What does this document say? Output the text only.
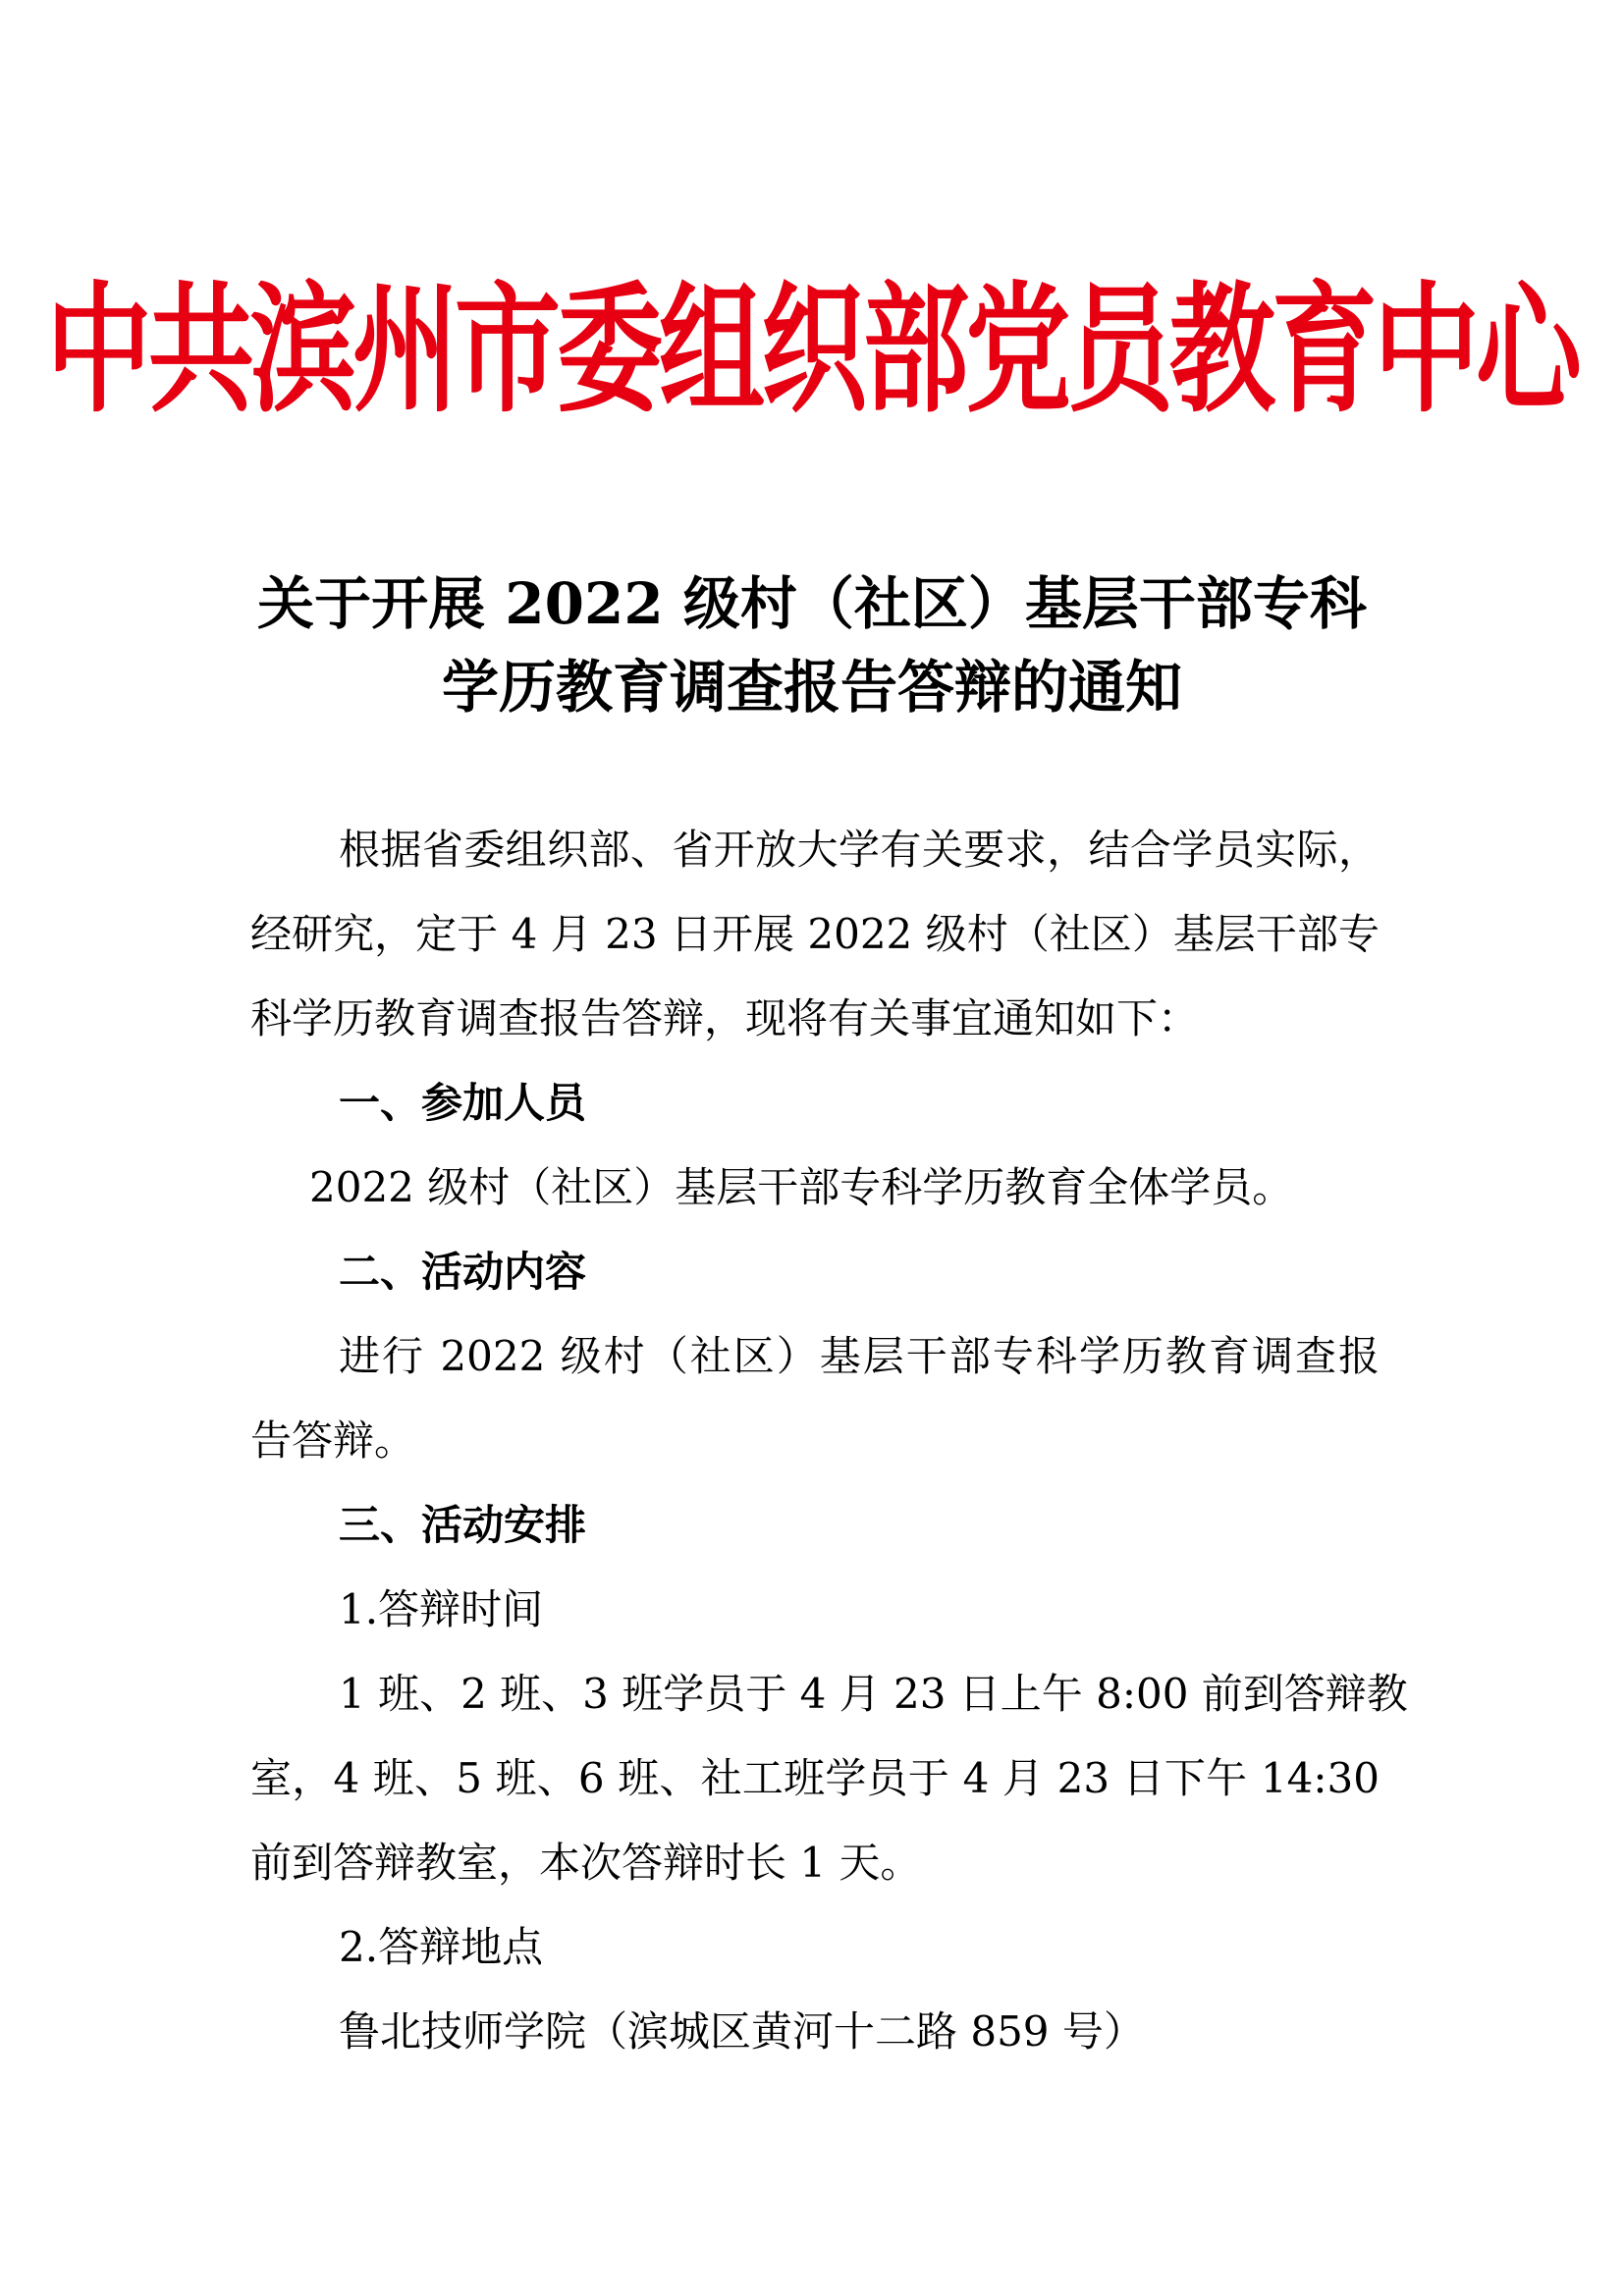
中共滨州市委组织部党员教育中心
关于开展 2022 级村（社区）基层干部专科
学历教育调查报告答辩的通知
根据省委组织部、省开放大学有关要求，结合学员实际，
经研究，定于 4 月 23 日开展 2022 级村（社区）基层干部专
科学历教育调查报告答辩，现将有关事宜通知如下：
一、参加人员
2022 级村（社区）基层干部专科学历教育全体学员。
二、活动内容
进行 2022 级村（社区）基层干部专科学历教育调查报
告答辩。
三、活动安排
1.答辩时间
1 班、2 班、3 班学员于 4 月 23 日上午 8:00 前到答辩教
室，4 班、5 班、6 班、社工班学员于 4 月 23 日下午 14:30
前到答辩教室，本次答辩时长 1 天。
2.答辩地点
鲁北技师学院（滨城区黄河十二路 859 号）
